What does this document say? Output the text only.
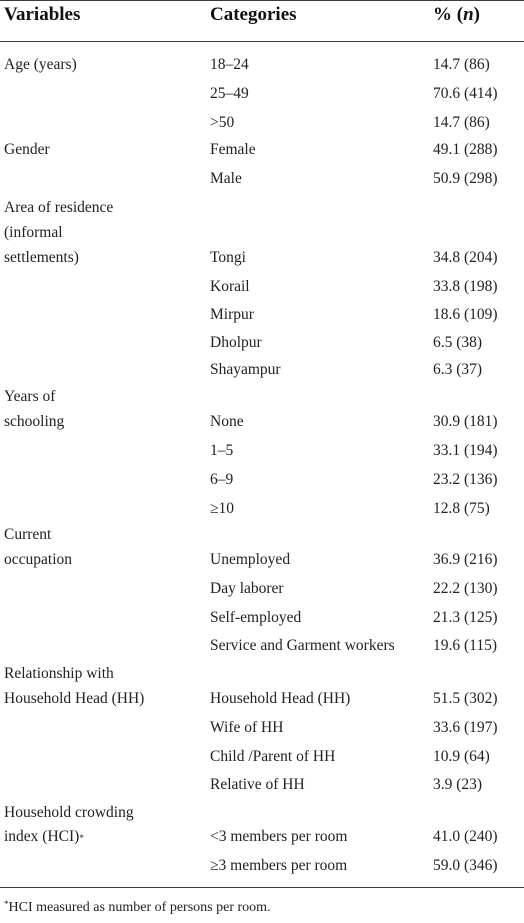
Variables	Categories	% (n)
Age (years)	18–24	14.7 (86)
25–49	70.6 (414)
>50	14.7 (86)
Gender	Female	49.1 (288)
Male	50.9 (298)
Area of residence
(informal
settlements)	Tongi	34.8 (204)
Korail	33.8 (198)
Mirpur	18.6 (109)
Dholpur	6.5 (38)
Shayampur	6.3 (37)
Years of
schooling	None	30.9 (181)
1–5	33.1 (194)
6–9	23.2 (136)
≥10	12.8 (75)
Current
occupation	Unemployed	36.9 (216)
Day laborer	22.2 (130)
Self-employed	21.3 (125)
Service and Garment workers 19.6 (115)
Relationship with
Household Head (HH)	Household Head (HH)	51.5 (302)
Wife of HH	33.6 (197)
Child /Parent of HH	10.9 (64)
Relative of HH	3.9 (23)
Household crowding
index (HCI)*	<3 members per room	41.0 (240)
≥3 members per room	59.0 (346)
*HCI measured as number of persons per room.
